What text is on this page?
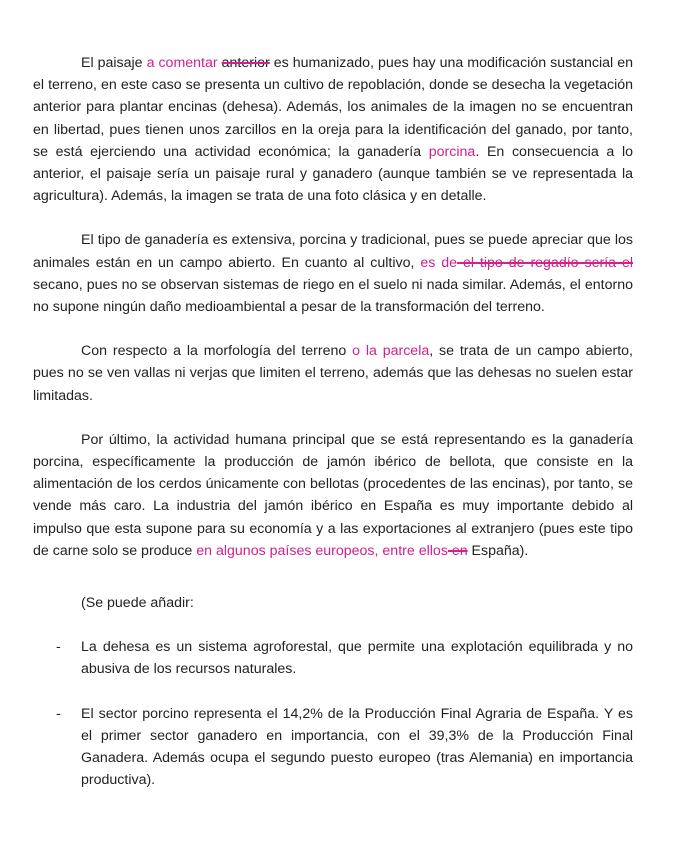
El paisaje a comentar anterior es humanizado, pues hay una modificación sustancial en el terreno, en este caso se presenta un cultivo de repoblación, donde se desecha la vegetación anterior para plantar encinas (dehesa). Además, los animales de la imagen no se encuentran en libertad, pues tienen unos zarcillos en la oreja para la identificación del ganado, por tanto, se está ejerciendo una actividad económica; la ganadería porcina. En consecuencia a lo anterior, el paisaje sería un paisaje rural y ganadero (aunque también se ve representada la agricultura). Además, la imagen se trata de una foto clásica y en detalle.

El tipo de ganadería es extensiva, porcina y tradicional, pues se puede apreciar que los animales están en un campo abierto. En cuanto al cultivo, es de el tipo de regadío sería el secano, pues no se observan sistemas de riego en el suelo ni nada similar. Además, el entorno no supone ningún daño medioambiental a pesar de la transformación del terreno.

Con respecto a la morfología del terreno o la parcela, se trata de un campo abierto, pues no se ven vallas ni verjas que limiten el terreno, además que las dehesas no suelen estar limitadas.

Por último, la actividad humana principal que se está representando es la ganadería porcina, específicamente la producción de jamón ibérico de bellota, que consiste en la alimentación de los cerdos únicamente con bellotas (procedentes de las encinas), por tanto, se vende más caro. La industria del jamón ibérico en España es muy importante debido al impulso que esta supone para su economía y a las exportaciones al extranjero (pues este tipo de carne solo se produce en algunos países europeos, entre ellos en España).

(Se puede añadir:
- La dehesa es un sistema agroforestal, que permite una explotación equilibrada y no abusiva de los recursos naturales.
- El sector porcino representa el 14,2% de la Producción Final Agraria de España. Y es el primer sector ganadero en importancia, con el 39,3% de la Producción Final Ganadera. Además ocupa el segundo puesto europeo (tras Alemania) en importancia productiva).
